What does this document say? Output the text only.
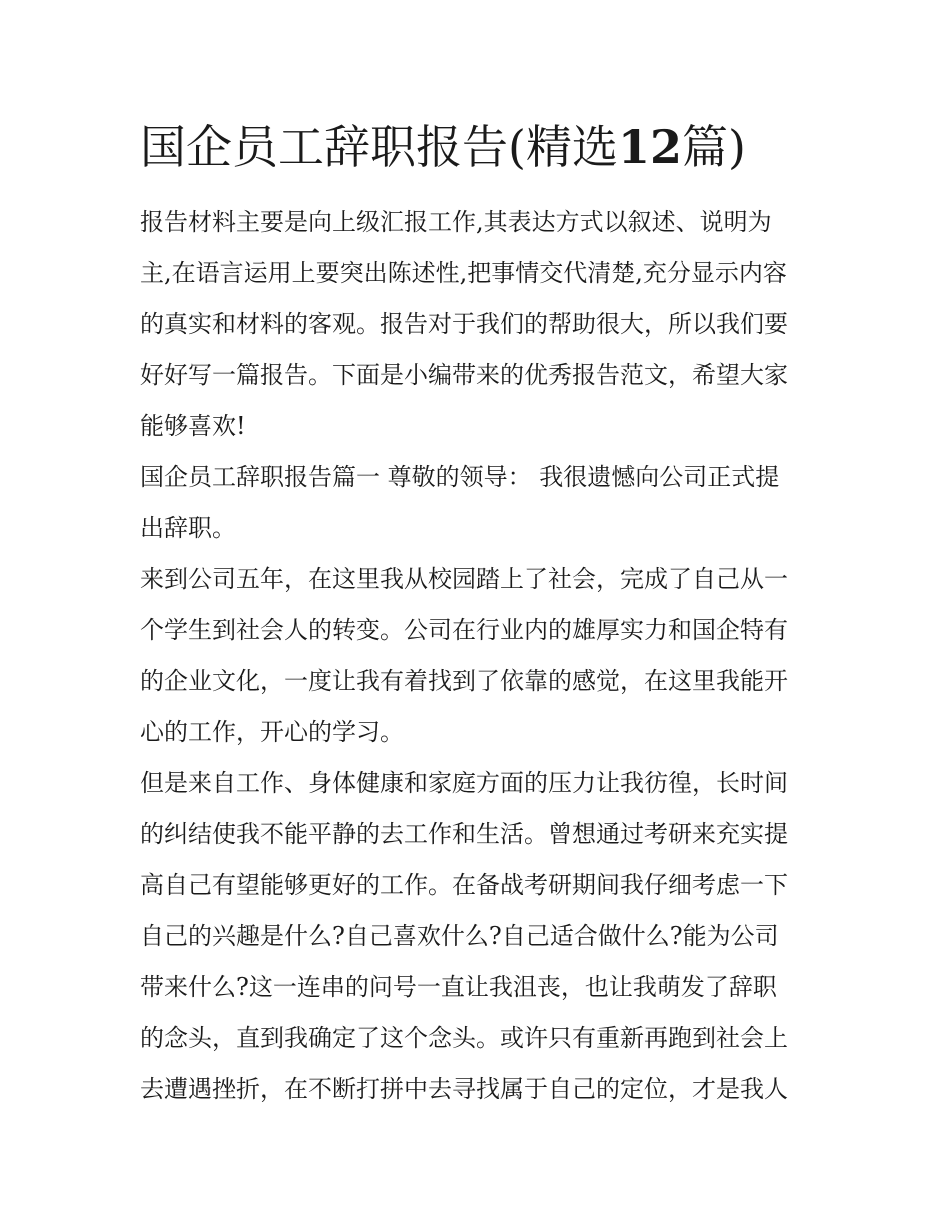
国企员工辞职报告(精选12篇)

报告材料主要是向上级汇报工作,其表达方式以叙述、说明为
主,在语言运用上要突出陈述性,把事情交代清楚,充分显示内容
的真实和材料的客观。报告对于我们的帮助很大，所以我们要
好好写一篇报告。下面是小编带来的优秀报告范文，希望大家
能够喜欢!

国企员工辞职报告篇一 尊敬的领导： 我很遗憾向公司正式提
出辞职。

来到公司五年，在这里我从校园踏上了社会，完成了自己从一
个学生到社会人的转变。公司在行业内的雄厚实力和国企特有
的企业文化，一度让我有着找到了依靠的感觉，在这里我能开
心的工作，开心的学习。

但是来自工作、身体健康和家庭方面的压力让我彷徨，长时间
的纠结使我不能平静的去工作和生活。曾想通过考研来充实提
高自己有望能够更好的工作。在备战考研期间我仔细考虑一下
自己的兴趣是什么?自己喜欢什么?自己适合做什么?能为公司
带来什么?这一连串的问号一直让我沮丧，也让我萌发了辞职
的念头，直到我确定了这个念头。或许只有重新再跑到社会上
去遭遇挫折，在不断打拼中去寻找属于自己的定位，才是我人
